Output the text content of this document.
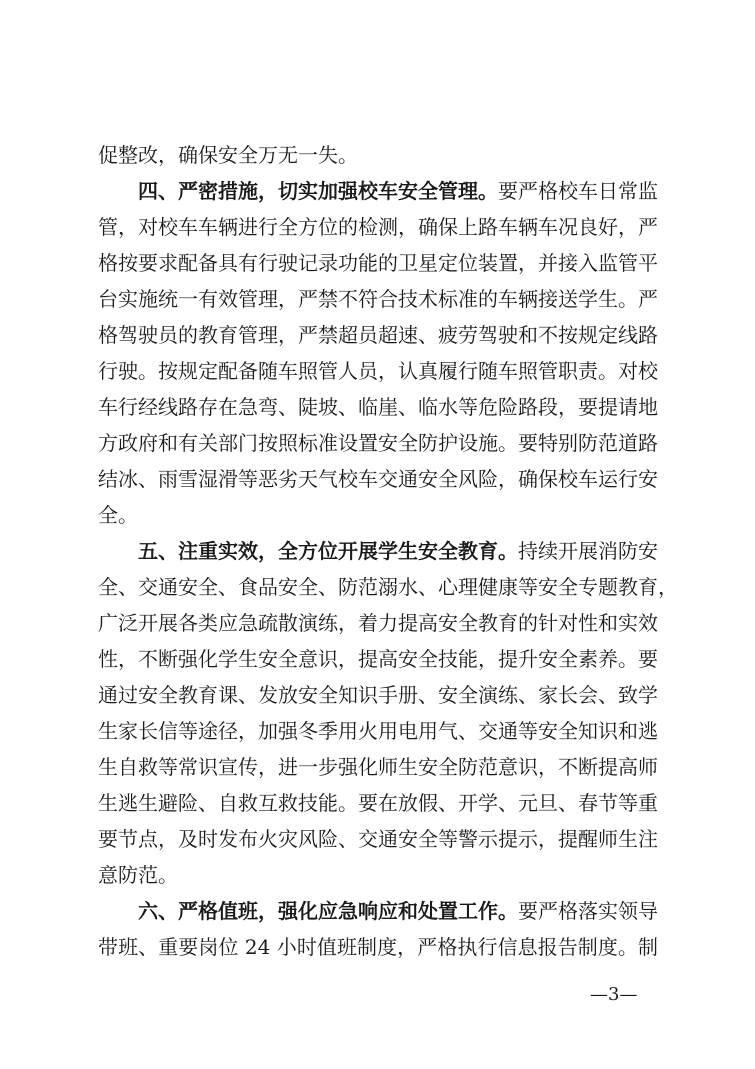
促整改，确保安全万无一失。
四、严密措施，切实加强校车安全管理。要严格校车日常监
管，对校车车辆进行全方位的检测，确保上路车辆车况良好，严
格按要求配备具有行驶记录功能的卫星定位装置，并接入监管平
台实施统一有效管理，严禁不符合技术标准的车辆接送学生。严
格驾驶员的教育管理，严禁超员超速、疲劳驾驶和不按规定线路
行驶。按规定配备随车照管人员，认真履行随车照管职责。对校
车行经线路存在急弯、陡坡、临崖、临水等危险路段，要提请地
方政府和有关部门按照标准设置安全防护设施。要特别防范道路
结冰、雨雪湿滑等恶劣天气校车交通安全风险，确保校车运行安
全。
五、注重实效，全方位开展学生安全教育。持续开展消防安
全、交通安全、食品安全、防范溺水、心理健康等安全专题教育，
广泛开展各类应急疏散演练，着力提高安全教育的针对性和实效
性，不断强化学生安全意识，提高安全技能，提升安全素养。要
通过安全教育课、发放安全知识手册、安全演练、家长会、致学
生家长信等途径，加强冬季用火用电用气、交通等安全知识和逃
生自救等常识宣传，进一步强化师生安全防范意识，不断提高师
生逃生避险、自救互救技能。要在放假、开学、元旦、春节等重
要节点，及时发布火灾风险、交通安全等警示提示，提醒师生注
意防范。
六、严格值班，强化应急响应和处置工作。要严格落实领导
带班、重要岗位 24 小时值班制度，严格执行信息报告制度。制
—3—
